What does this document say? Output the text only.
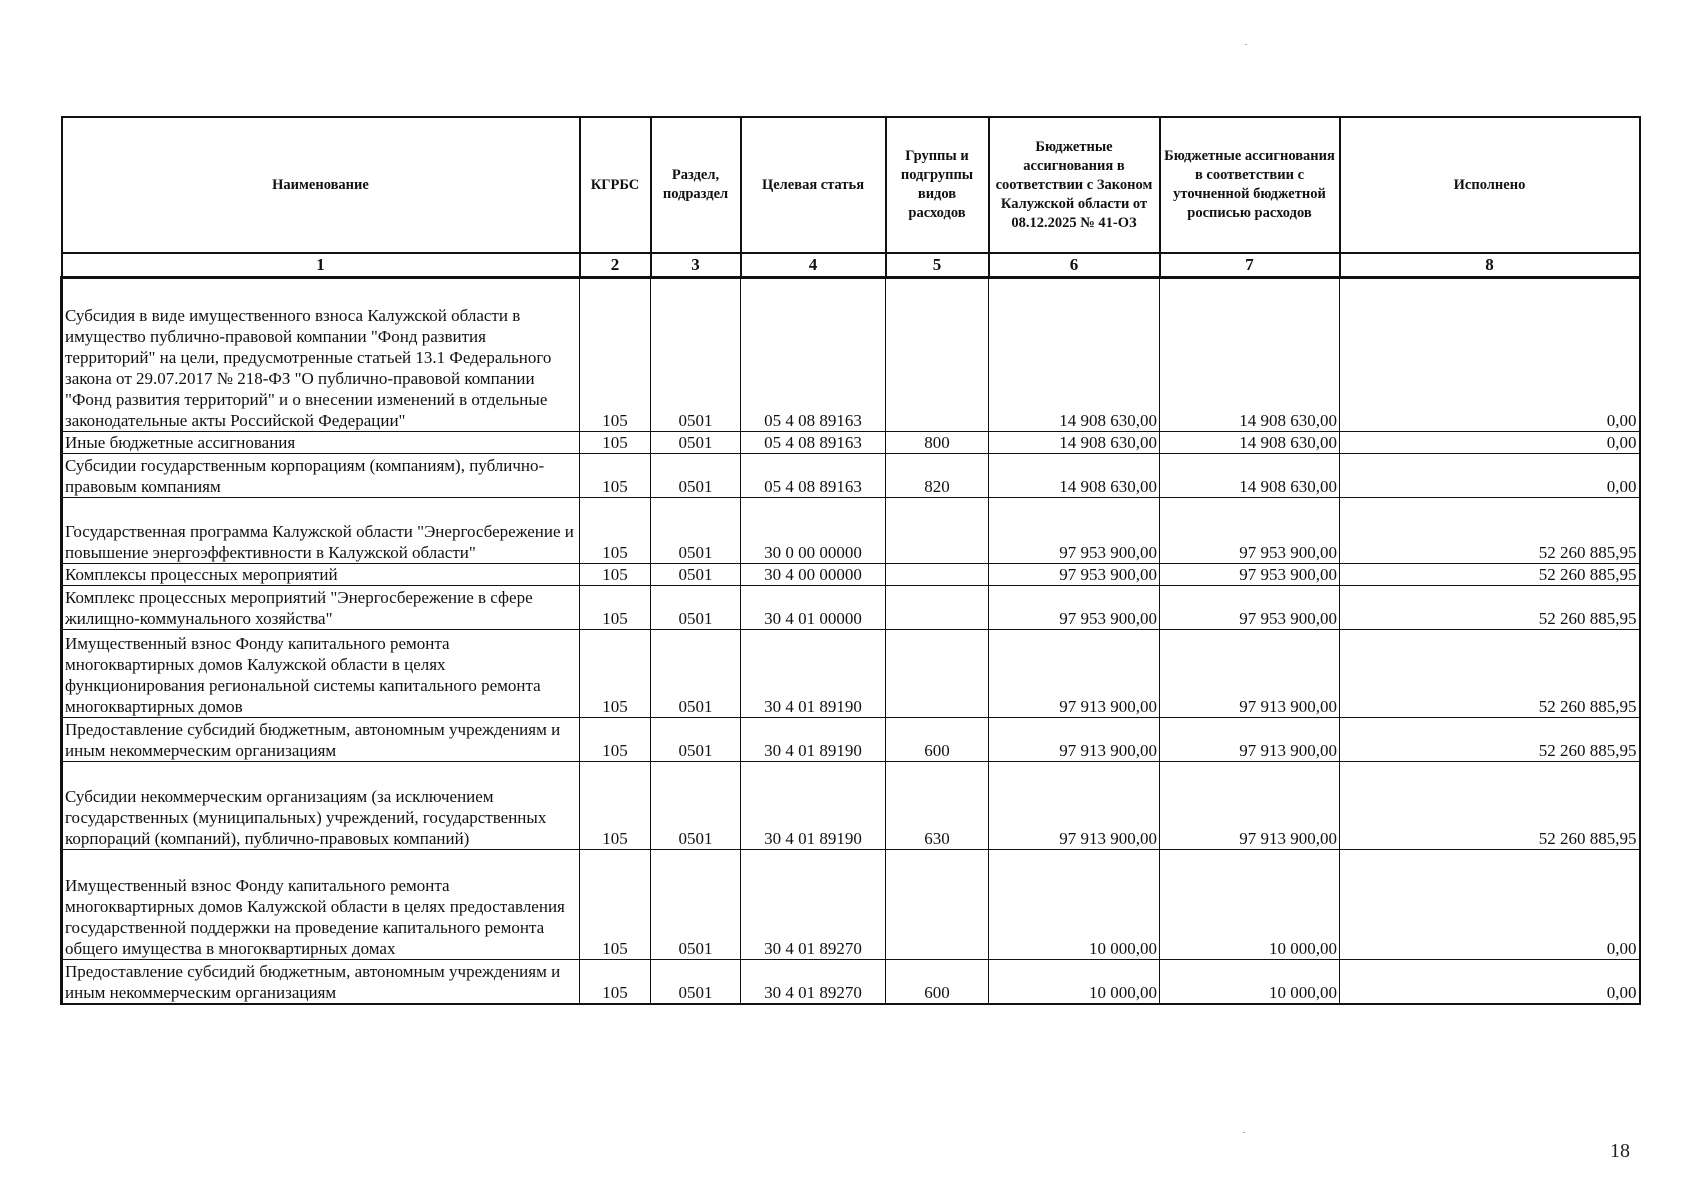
Наименование	КГРБС	Раздел, подраздел	Целевая статья	Группы и подгруппы видов расходов	Бюджетные ассигнования в соответствии с Законом Калужской области от 08.12.2025 № 41-ОЗ	Бюджетные ассигнования в соответствии с уточненной бюджетной росписью расходов	Исполнено
1	2	3	4	5	6	7	8
Субсидия в виде имущественного взноса Калужской области в имущество публично-правовой компании "Фонд развития территорий" на цели, предусмотренные статьей 13.1 Федерального закона от 29.07.2017 № 218-ФЗ "О публично-правовой компании "Фонд развития территорий" и о внесении изменений в отдельные законодательные акты Российской Федерации"	105	0501	05 4 08 89163		14 908 630,00	14 908 630,00	0,00
Иные бюджетные ассигнования	105	0501	05 4 08 89163	800	14 908 630,00	14 908 630,00	0,00
Субсидии государственным корпорациям (компаниям), публично-правовым компаниям	105	0501	05 4 08 89163	820	14 908 630,00	14 908 630,00	0,00
Государственная программа Калужской области "Энергосбережение и повышение энергоэффективности в Калужской области"	105	0501	30 0 00 00000		97 953 900,00	97 953 900,00	52 260 885,95
Комплексы процессных мероприятий	105	0501	30 4 00 00000		97 953 900,00	97 953 900,00	52 260 885,95
Комплекс процессных мероприятий "Энергосбережение в сфере жилищно-коммунального хозяйства"	105	0501	30 4 01 00000		97 953 900,00	97 953 900,00	52 260 885,95
Имущественный взнос Фонду капитального ремонта многоквартирных домов Калужской области в целях функционирования региональной системы капитального ремонта многоквартирных домов	105	0501	30 4 01 89190		97 913 900,00	97 913 900,00	52 260 885,95
Предоставление субсидий бюджетным, автономным учреждениям и иным некоммерческим организациям	105	0501	30 4 01 89190	600	97 913 900,00	97 913 900,00	52 260 885,95
Субсидии некоммерческим организациям (за исключением государственных (муниципальных) учреждений, государственных корпораций (компаний), публично-правовых компаний)	105	0501	30 4 01 89190	630	97 913 900,00	97 913 900,00	52 260 885,95
Имущественный взнос Фонду капитального ремонта многоквартирных домов Калужской области в целях предоставления государственной поддержки на проведение капитального ремонта общего имущества в многоквартирных домах	105	0501	30 4 01 89270		10 000,00	10 000,00	0,00
Предоставление субсидий бюджетным, автономным учреждениям и иным некоммерческим организациям	105	0501	30 4 01 89270	600	10 000,00	10 000,00	0,00
18
